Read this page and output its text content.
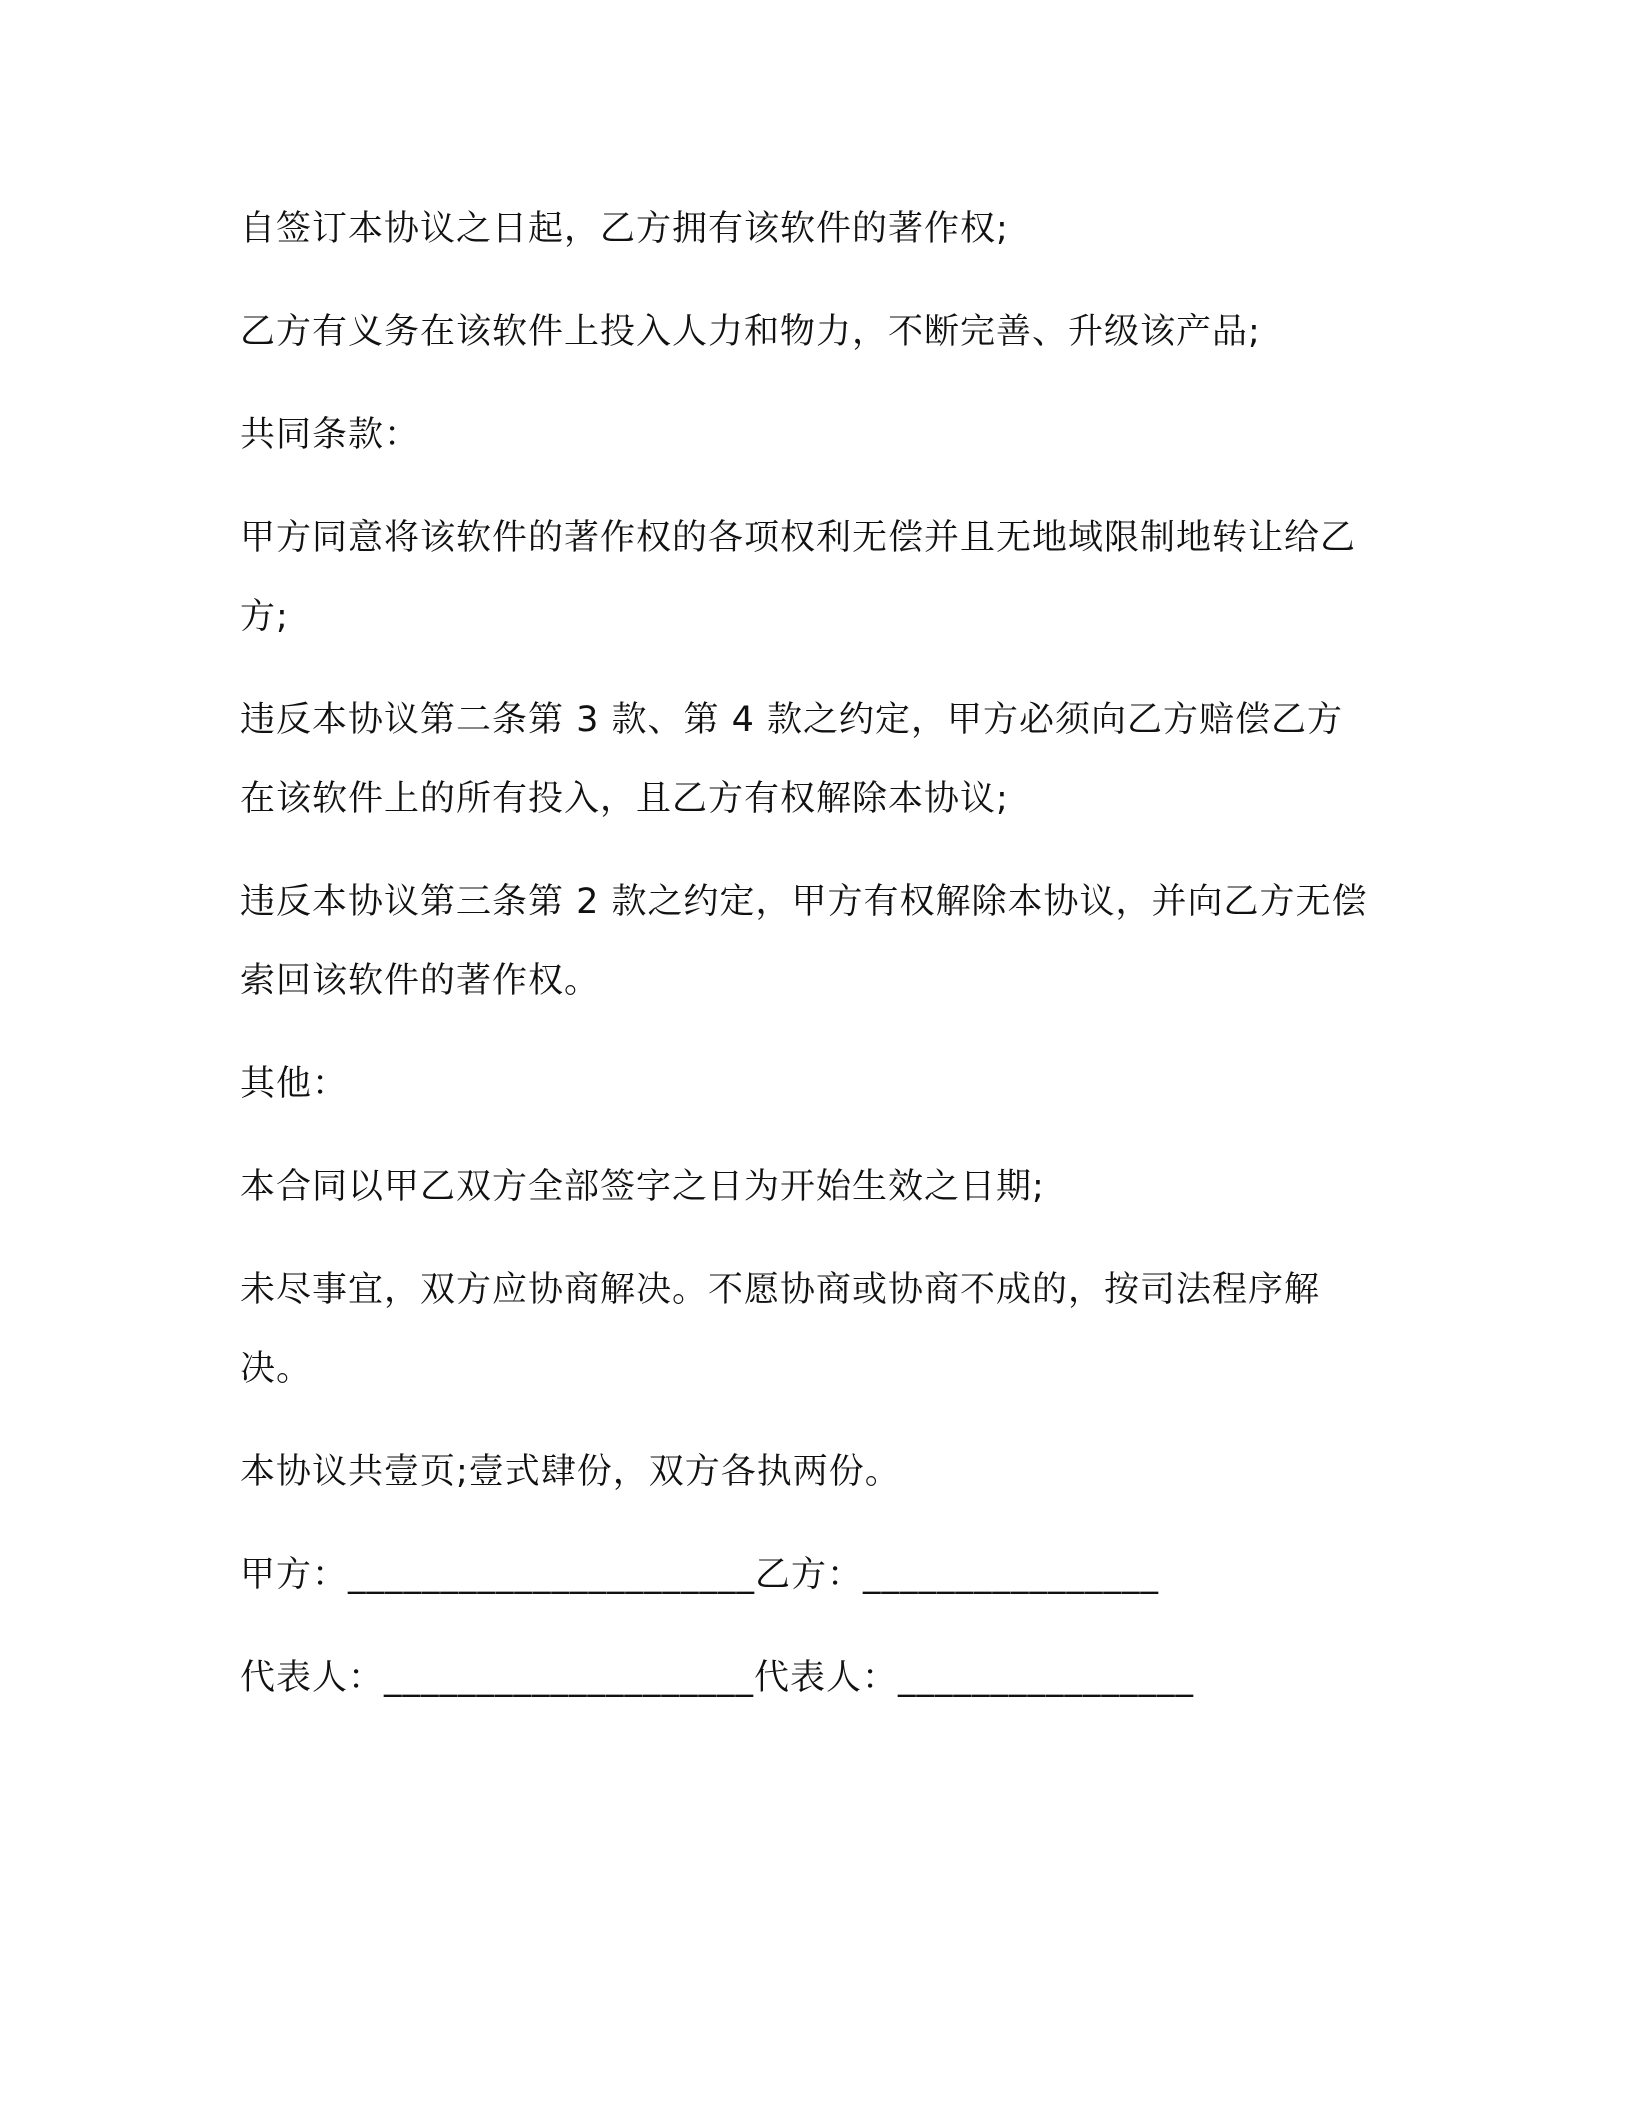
自签订本协议之日起，乙方拥有该软件的著作权;

乙方有义务在该软件上投入人力和物力，不断完善、升级该产品;

共同条款：

甲方同意将该软件的著作权的各项权利无偿并且无地域限制地转让给乙方;

违反本协议第二条第 3 款、第 4 款之约定，甲方必须向乙方赔偿乙方在该软件上的所有投入，且乙方有权解除本协议;

违反本协议第三条第 2 款之约定，甲方有权解除本协议，并向乙方无偿索回该软件的著作权。

其他：

本合同以甲乙双方全部签字之日为开始生效之日期;

未尽事宜，双方应协商解决。不愿协商或协商不成的，按司法程序解决。

本协议共壹页;壹式肆份，双方各执两份。

甲方：______________________乙方：________________
代表人：____________________代表人：________________
